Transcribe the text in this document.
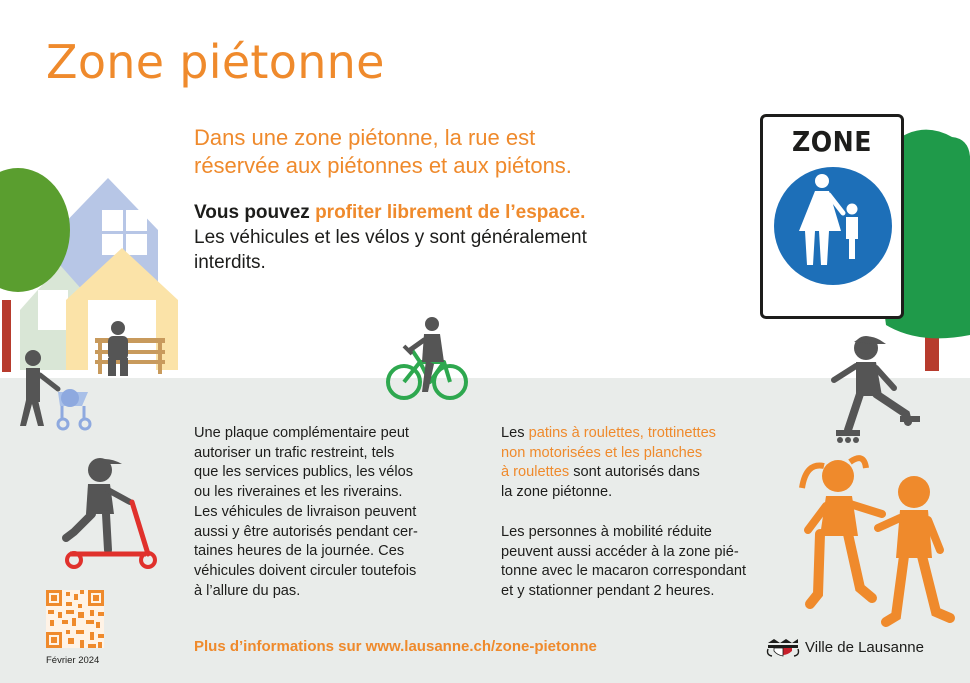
Zone piétonne
Dans une zone piétonne, la rue est
réservée aux piétonnes et aux piétons.
Vous pouvez profiter librement de l’espace.
Les véhicules et les vélos y sont généralement
interdits.
ZONE
Une plaque complémentaire peut
autoriser un trafic restreint, tels
que les services publics, les vélos
ou les riveraines et les riverains.
Les véhicules de livraison peuvent
aussi y être autorisés pendant cer-
taines heures de la journée. Ces
véhicules doivent circuler toutefois
à l’allure du pas.
Les patins à roulettes, trottinettes
non motorisées et les planches
à roulettes sont autorisés dans
la zone piétonne.
Les personnes à mobilité réduite
peuvent aussi accéder à la zone pié-
tonne avec le macaron correspondant
et y stationner pendant 2 heures.
Février 2024
Plus d’informations sur www.lausanne.ch/zone-pietonne	Ville de Lausanne
